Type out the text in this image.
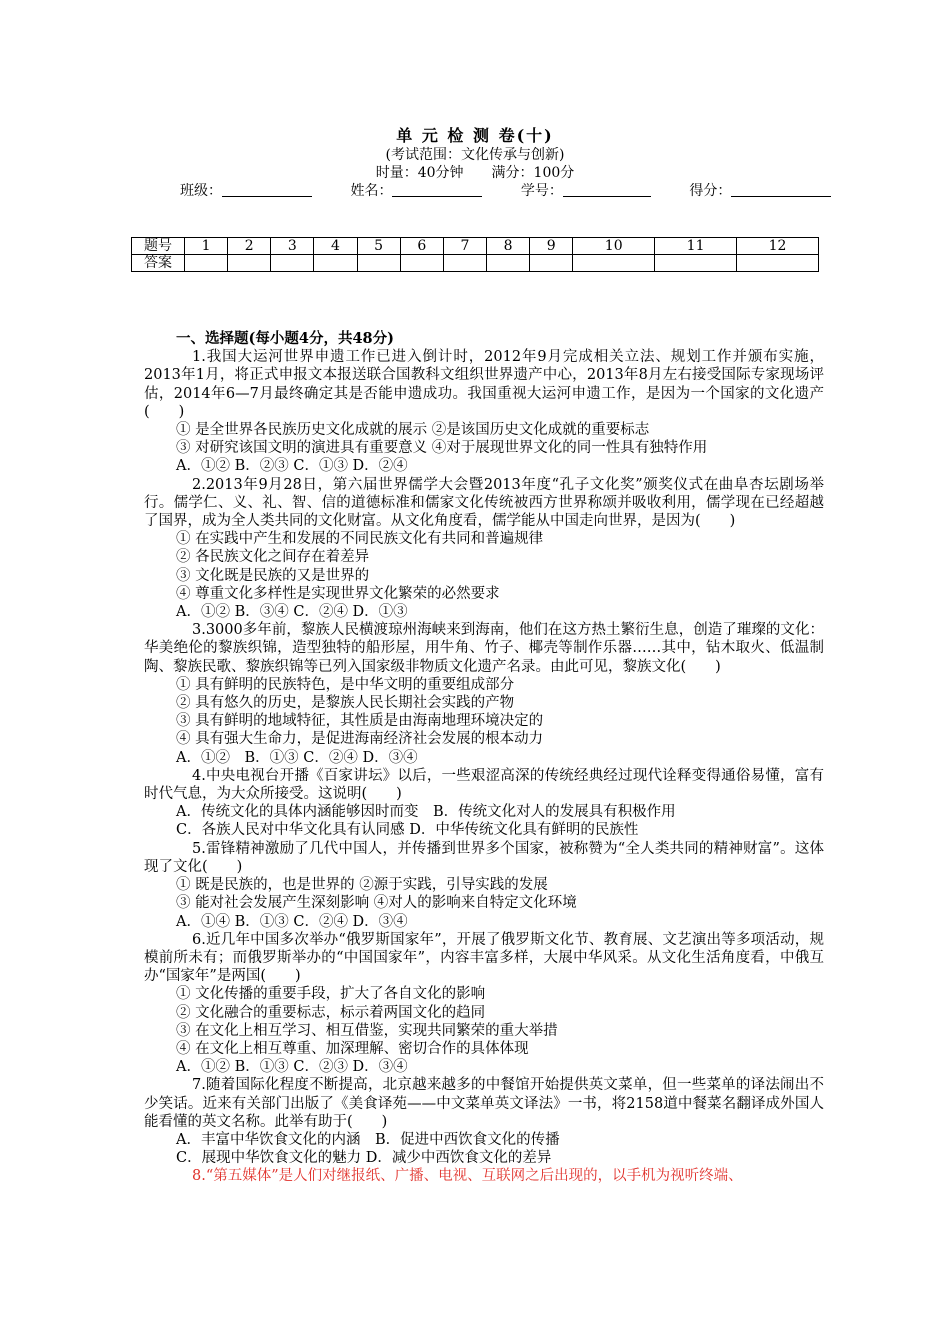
单 元 检 测 卷(十)
(考试范围：文化传承与创新)
时量：40分钟　　满分：100分
班级：	姓名：	学号：	得分：
题号	1	2	3	4	5	6	7	8	9	10	11	12
答案												
一、选择题(每小题4分，共48分)
1.我国大运河世界申遗工作已进入倒计时，2012年9月完成相关立法、规划工作并颁布实施，2013年1月，将正式申报文本报送联合国教科文组织世界遗产中心，2013年8月左右接受国际专家现场评估，2014年6—7月最终确定其是否能申遗成功。我国重视大运河申遗工作，是因为一个国家的文化遗产(　　)
① 是全世界各民族历史文化成就的展示 ②是该国历史文化成就的重要标志
③ 对研究该国文明的演进具有重要意义 ④对于展现世界文化的同一性具有独特作用
A．①② B．②③ C．①③ D．②④
2.2013年9月28日，第六届世界儒学大会暨2013年度“孔子文化奖”颁奖仪式在曲阜杏坛剧场举行。儒学仁、义、礼、智、信的道德标准和儒家文化传统被西方世界称颂并吸收利用，儒学现在已经超越了国界，成为全人类共同的文化财富。从文化角度看，儒学能从中国走向世界，是因为(　　)
① 在实践中产生和发展的不同民族文化有共同和普遍规律
② 各民族文化之间存在着差异
③ 文化既是民族的又是世界的
④ 尊重文化多样性是实现世界文化繁荣的必然要求
A．①② B．③④ C．②④ D．①③
3.3000多年前，黎族人民横渡琼州海峡来到海南，他们在这方热土繁衍生息，创造了璀璨的文化：华美绝伦的黎族织锦，造型独特的船形屋，用牛角、竹子、椰壳等制作乐器……其中，钻木取火、低温制陶、黎族民歌、黎族织锦等已列入国家级非物质文化遗产名录。由此可见，黎族文化(　　)
① 具有鲜明的民族特色，是中华文明的重要组成部分
② 具有悠久的历史，是黎族人民长期社会实践的产物
③ 具有鲜明的地域特征，其性质是由海南地理环境决定的
④ 具有强大生命力，是促进海南经济社会发展的根本动力
A．①②　B．①③ C．②④ D．③④
4.中央电视台开播《百家讲坛》以后，一些艰涩高深的传统经典经过现代诠释变得通俗易懂，富有时代气息，为大众所接受。这说明(　　)
A．传统文化的具体内涵能够因时而变　B．传统文化对人的发展具有积极作用
C．各族人民对中华文化具有认同感 D．中华传统文化具有鲜明的民族性
5.雷锋精神激励了几代中国人，并传播到世界多个国家，被称赞为“全人类共同的精神财富”。这体现了文化(　　)
① 既是民族的，也是世界的 ②源于实践，引导实践的发展
③ 能对社会发展产生深刻影响 ④对人的影响来自特定文化环境
A．①④ B．①③ C．②④ D．③④
6.近几年中国多次举办“俄罗斯国家年”，开展了俄罗斯文化节、教育展、文艺演出等多项活动，规模前所未有；而俄罗斯举办的“中国国家年”，内容丰富多样，大展中华风采。从文化生活角度看，中俄互办“国家年”是两国(　　)
① 文化传播的重要手段，扩大了各自文化的影响
② 文化融合的重要标志，标示着两国文化的趋同
③ 在文化上相互学习、相互借鉴，实现共同繁荣的重大举措
④ 在文化上相互尊重、加深理解、密切合作的具体体现
A．①② B．①③ C．②③ D．③④
7.随着国际化程度不断提高，北京越来越多的中餐馆开始提供英文菜单，但一些菜单的译法闹出不少笑话。近来有关部门出版了《美食译苑——中文菜单英文译法》一书，将2158道中餐菜名翻译成外国人能看懂的英文名称。此举有助于(　　)
A．丰富中华饮食文化的内涵　B．促进中西饮食文化的传播
C．展现中华饮食文化的魅力 D．减少中西饮食文化的差异
8.“第五媒体”是人们对继报纸、广播、电视、互联网之后出现的，以手机为视听终端、
